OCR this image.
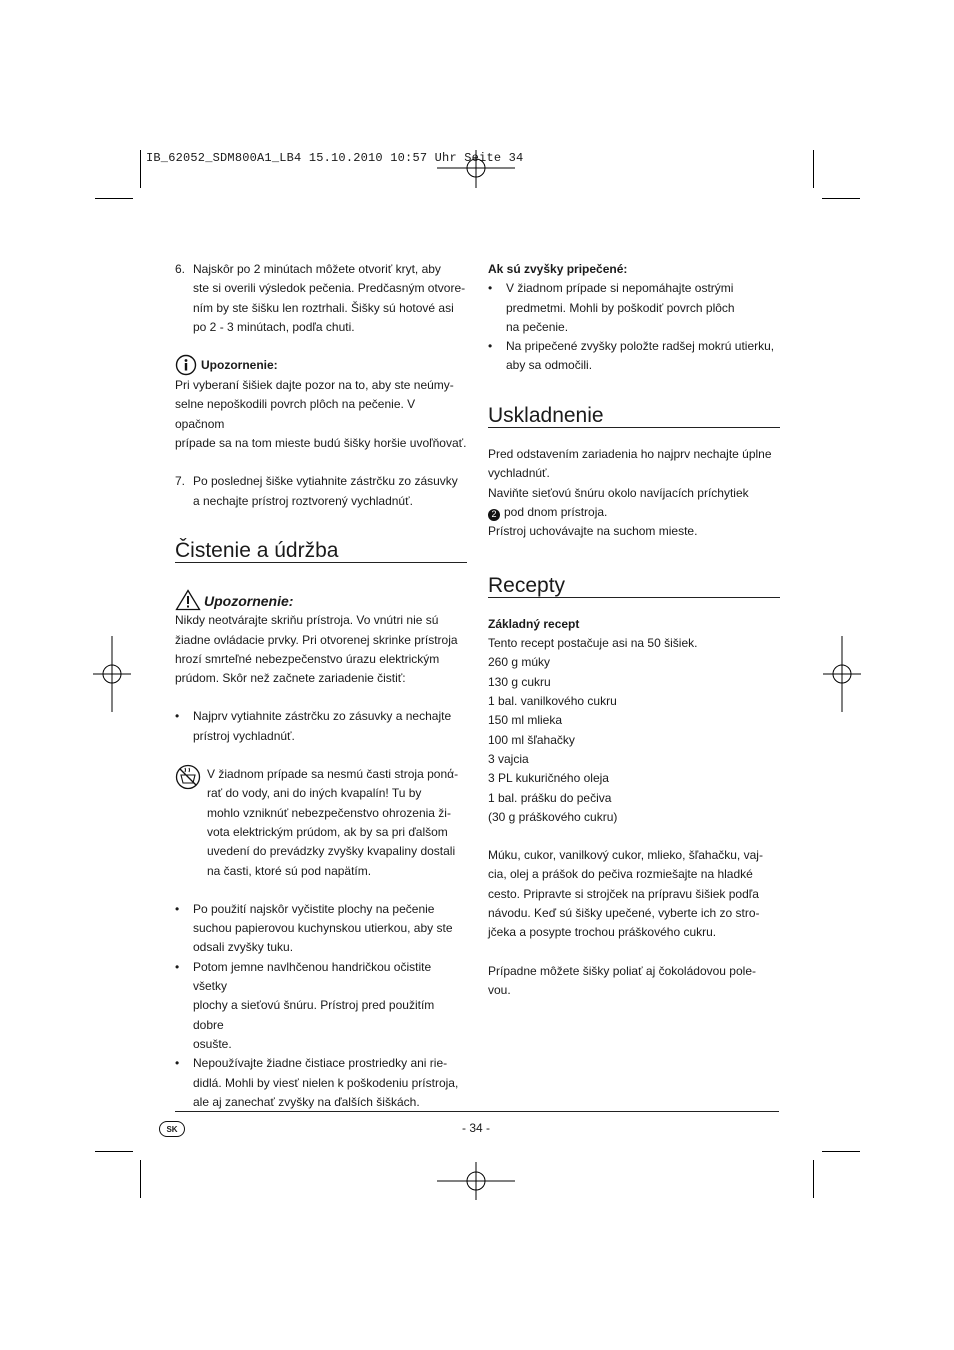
IB_62052_SDM800A1_LB4 15.10.2010 10:57 Uhr Seite 34
6. Najskôr po 2 minútach môžete otvoriť kryt, aby

ste si overili výsledok pečenia. Predčasným otvore-

ním by ste šišku len roztrhali. Šišky sú hotové asi

po 2 - 3 minútach, podľa chuti.

Upozornenie:

Pri vyberaní šišiek dajte pozor na to, aby ste neúmy-

selne nepoškodili povrch plôch na pečenie. V opačnom

prípade sa na tom mieste budú šišky horšie uvoľňovať.

7. Po poslednej šiške vytiahnite zástrčku zo zásuvky

a nechajte prístroj roztvorený vychladnúť.

Čistenie a údržba
Upozornenie:

Nikdy neotvárajte skriňu prístroja. Vo vnútri nie sú

žiadne ovládacie prvky. Pri otvorenej skrinke prístroja

hrozí smrteľné nebezpečenstvo úrazu elektrickým

prúdom. Skôr než začnete zariadenie čistiť:

•	Najprv vytiahnite zástrčku zo zásuvky a nechajte

prístroj vychladnúť.

V žiadnom prípade sa nesmú časti stroja ponά-

rať do vody, ani do iných kvapalín! Tu by

mohlo vzniknúť nebezpečenstvo ohrozenia ži-

vota elektrickým prúdom, ak by sa pri ďalšom

uvedení do prevádzky zvyšky kvapaliny dostali

na časti, ktoré sú pod napätím.

•	Po použití najskôr vyčistite plochy na pečenie

suchou papierovou kuchynskou utierkou, aby ste

odsali zvyšky tuku.

•	Potom jemne navlhčenou handričkou očistite všetky

plochy a sieťovú šnúru. Prístroj pred použitím dobre

osušte.

•	Nepoužívajte žiadne čistiace prostriedky ani rie-

didlá. Mohli by viesť nielen k poškodeniu prístroja,

ale aj zanechať zvyšky na ďalších šiškách.

Ak sú zvyšky pripečené:

•	V žiadnom prípade si nepomáhajte ostrými

predmetmi. Mohli by poškodiť povrch plôch

na pečenie.

•	Na pripečené zvyšky položte radšej mokrú utierku,

aby sa odmočili.

Uskladnenie

Pred odstavením zariadenia ho najprv nechajte úplne

vychladnúť.

Naviňte sieťovú šnúru okolo navíjacích príchytiek

2 pod dnom prístroja.

Prístroj uchovávajte na suchom mieste.

Recepty

Základný recept

Tento recept postačuje asi na 50 šišiek.

260 g múky

130 g cukru

1 bal. vanilkového cukru

150 ml mlieka

100 ml šľahačky

3 vajcia

3 PL kukuričného oleja

1 bal. prášku do pečiva

(30 g práškového cukru)

Múku, cukor, vanilkový cukor, mlieko, šľahačku, vaj-

cia, olej a prášok do pečiva rozmiešajte na hladké

cesto. Pripravte si strojček na prípravu šišiek podľa

návodu. Keď sú šišky upečené, vyberte ich zo stro-

jčeka a posypte trochou práškového cukru.

Prípadne môžete šišky poliať aj čokoládovou pole-

vou.

SK	- 34 -
